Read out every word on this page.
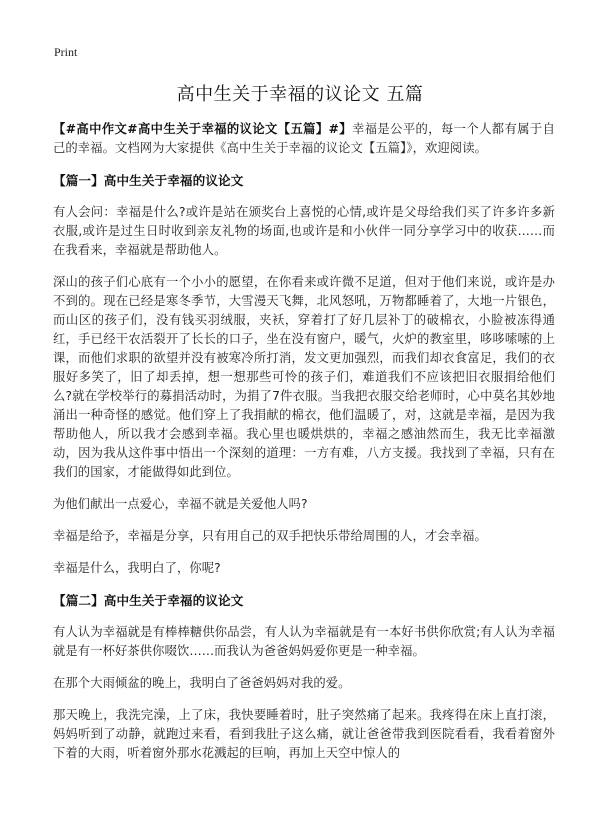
Print
高中生关于幸福的议论文 五篇

【#高中作文#高中生关于幸福的议论文【五篇】#】幸福是公平的，每一个人都有属于自己的幸福。文档网为大家提供《高中生关于幸福的议论文【五篇】》，欢迎阅读。

【篇一】高中生关于幸福的议论文

有人会问：幸福是什么?或许是站在颁奖台上喜悦的心情,或许是父母给我们买了许多许多新衣服,或许是过生日时收到亲友礼物的场面,也或许是和小伙伴一同分享学习中的收获……而在我看来，幸福就是帮助他人。

深山的孩子们心底有一个小小的愿望，在你看来或许微不足道，但对于他们来说，或许是办不到的。现在已经是寒冬季节，大雪漫天飞舞，北风怒吼，万物都睡着了，大地一片银色，而山区的孩子们，没有钱买羽绒服，夹袄，穿着打了好几层补丁的破棉衣，小脸被冻得通红，手已经干农活裂开了长长的口子，坐在没有窗户，暖气，火炉的教室里，哆哆嗦嗦的上课，而他们求职的欲望并没有被寒冷所打消，发文更加强烈，而我们却衣食富足，我们的衣服好多笑了，旧了却丢掉，想一想那些可怜的孩子们，难道我们不应该把旧衣服捐给他们么?就在学校举行的募捐活动时，为捐了7件衣服。当我把衣服交给老师时，心中莫名其妙地涌出一种奇怪的感觉。他们穿上了我捐献的棉衣，他们温暖了，对，这就是幸福，是因为我帮助他人，所以我才会感到幸福。我心里也暖烘烘的，幸福之感油然而生，我无比幸福激动，因为我从这件事中悟出一个深刻的道理：一方有难，八方支援。我找到了幸福，只有在我们的国家，才能做得如此到位。

为他们献出一点爱心，幸福不就是关爱他人吗?

幸福是给予，幸福是分享，只有用自己的双手把快乐带给周围的人，才会幸福。

幸福是什么，我明白了，你呢?

【篇二】高中生关于幸福的议论文

有人认为幸福就是有棒棒糖供你品尝，有人认为幸福就是有一本好书供你欣赏;有人认为幸福就是有一杯好茶供你啜饮……而我认为爸爸妈妈爱你更是一种幸福。

在那个大雨倾盆的晚上，我明白了爸爸妈妈对我的爱。

那天晚上，我洗完澡，上了床，我快要睡着时，肚子突然痛了起来。我疼得在床上直打滚，妈妈听到了动静，就跑过来看，看到我肚子这么痛，就让爸爸带我到医院看看，我看着窗外下着的大雨，听着窗外那水花溅起的巨响，再加上天空中惊人的
